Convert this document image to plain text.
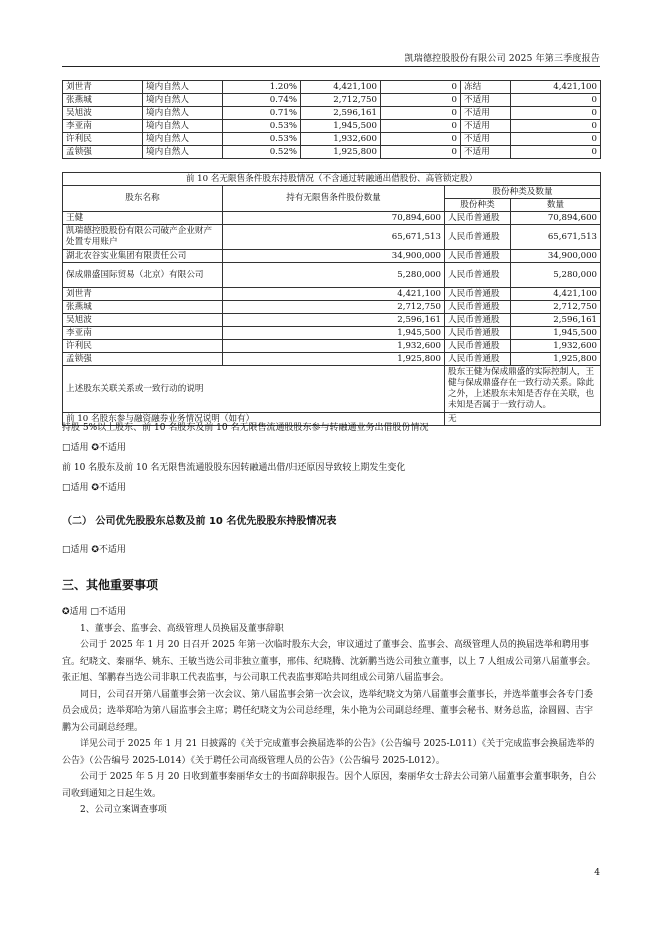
凯瑞德控股股份有限公司 2025 年第三季度报告
刘世青	境内自然人	1.20%	4,421,100	0	冻结	4,421,100
张燕城	境内自然人	0.74%	2,712,750	0	不适用	0
吴旭波	境内自然人	0.71%	2,596,161	0	不适用	0
李亚南	境内自然人	0.53%	1,945,500	0	不适用	0
许利民	境内自然人	0.53%	1,932,600	0	不适用	0
孟锁强	境内自然人	0.52%	1,925,800	0	不适用	0
前 10 名无限售条件股东持股情况（不含通过转融通出借股份、高管锁定股）			
股东名称	持有无限售条件股份数量	股份种类及数量	
		股份种类	数量
王健	70,894,600	人民币普通股	70,894,600
凯瑞德控股股份有限公司破产企业财产处置专用账户	65,671,513	人民币普通股	65,671,513
湖北农谷实业集团有限责任公司	34,900,000	人民币普通股	34,900,000
保成鼎盛国际贸易（北京）有限公司	5,280,000	人民币普通股	5,280,000
刘世青	4,421,100	人民币普通股	4,421,100
张燕城	2,712,750	人民币普通股	2,712,750
吴旭波	2,596,161	人民币普通股	2,596,161
李亚南	1,945,500	人民币普通股	1,945,500
许利民	1,932,600	人民币普通股	1,932,600
孟锁强	1,925,800	人民币普通股	1,925,800
上述股东关联关系或一致行动的说明		股东王健为保成鼎盛的实际控制人，王健与保成鼎盛存在一致行动关系。除此之外，上述股东未知是否存在关联，也未知是否属于一致行动人。	
前 10 名股东参与融资融券业务情况说明（如有）		无	
持股 5%以上股东、前 10 名股东及前 10 名无限售流通股股东参与转融通业务出借股份情况
□适用 ✪不适用
前 10 名股东及前 10 名无限售流通股股东因转融通出借/归还原因导致较上期发生变化
□适用 ✪不适用
（二） 公司优先股股东总数及前 10 名优先股股东持股情况表
□适用 ✪不适用
三、其他重要事项

✪适用 □不适用

1、董事会、监事会、高级管理人员换届及董事辞职

公司于 2025 年 1 月 20 日召开 2025 年第一次临时股东大会，审议通过了董事会、监事会、高级管理人员的换届选举和聘用事宜。纪晓文、秦丽华、姚东、王敏当选公司非独立董事，邢伟、纪晓腾、沈新鹏当选公司独立董事，以上 7 人组成公司第八届董事会。张正旭、邹鹏春当选公司非职工代表监事，与公司职工代表监事郑哈共同组成公司第八届监事会。

同日，公司召开第八届董事会第一次会议、第八届监事会第一次会议，选举纪晓文为第八届董事会董事长，并选举董事会各专门委员会成员；选举郑哈为第八届监事会主席；聘任纪晓文为公司总经理，朱小艳为公司副总经理、董事会秘书、财务总监，涂圆圆、吉宇鹏为公司副总经理。

详见公司于 2025 年 1 月 21 日披露的《关于完成董事会换届选举的公告》（公告编号 2025-L011）《关于完成监事会换届选举的公告》（公告编号 2025-L014）《关于聘任公司高级管理人员的公告》（公告编号 2025-L012）。

公司于 2025 年 5 月 20 日收到董事秦丽华女士的书面辞职报告。因个人原因，秦丽华女士辞去公司第八届董事会董事职务，自公司收到通知之日起生效。

2、公司立案调查事项

4
